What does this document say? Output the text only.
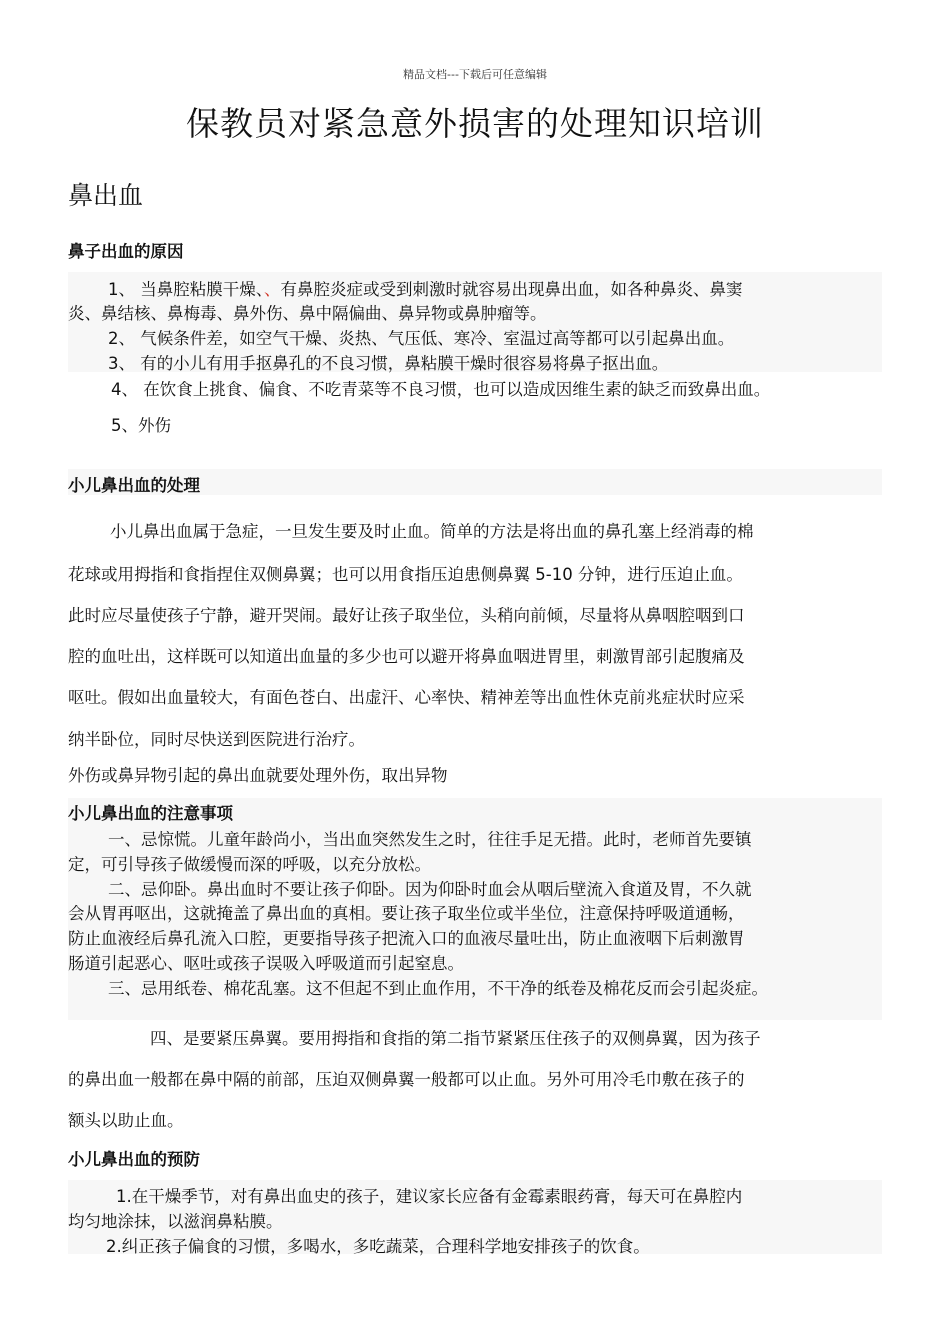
精品文档---下载后可任意编辑
保教员对紧急意外损害的处理知识培训
鼻出血
鼻子出血的原因

1、 当鼻腔粘膜干燥、、有鼻腔炎症或受到刺激时就容易出现鼻出血，如各种鼻炎、鼻窦

炎、鼻结核、鼻梅毒、鼻外伤、鼻中隔偏曲、鼻异物或鼻肿瘤等。

2、 气候条件差，如空气干燥、炎热、气压低、寒冷、室温过高等都可以引起鼻出血。

3、 有的小儿有用手抠鼻孔的不良习惯，鼻粘膜干燥时很容易将鼻子抠出血。

4、 在饮食上挑食、偏食、不吃青菜等不良习惯，也可以造成因维生素的缺乏而致鼻出血。

5、外伤

小儿鼻出血的处理

小儿鼻出血属于急症，一旦发生要及时止血。简单的方法是将出血的鼻孔塞上经消毒的棉

花球或用拇指和食指捏住双侧鼻翼；也可以用食指压迫患侧鼻翼 5-10 分钟，进行压迫止血。

此时应尽量使孩子宁静，避开哭闹。最好让孩子取坐位，头稍向前倾，尽量将从鼻咽腔咽到口

腔的血吐出，这样既可以知道出血量的多少也可以避开将鼻血咽进胃里，刺激胃部引起腹痛及

呕吐。假如出血量较大，有面色苍白、出虚汗、心率快、精神差等出血性休克前兆症状时应采

纳半卧位，同时尽快送到医院进行治疗。

外伤或鼻异物引起的鼻出血就要处理外伤，取出异物

小儿鼻出血的注意事项

一、忌惊慌。儿童年龄尚小，当出血突然发生之时，往往手足无措。此时，老师首先要镇

定，可引导孩子做缓慢而深的呼吸，以充分放松。

二、忌仰卧。鼻出血时不要让孩子仰卧。因为仰卧时血会从咽后壁流入食道及胃，不久就

会从胃再呕出，这就掩盖了鼻出血的真相。要让孩子取坐位或半坐位，注意保持呼吸道通畅，

防止血液经后鼻孔流入口腔，更要指导孩子把流入口的血液尽量吐出，防止血液咽下后刺激胃

肠道引起恶心、呕吐或孩子误吸入呼吸道而引起窒息。

三、忌用纸卷、棉花乱塞。这不但起不到止血作用，不干净的纸卷及棉花反而会引起炎症。

四、是要紧压鼻翼。要用拇指和食指的第二指节紧紧压住孩子的双侧鼻翼，因为孩子

的鼻出血一般都在鼻中隔的前部，压迫双侧鼻翼一般都可以止血。另外可用冷毛巾敷在孩子的

额头以助止血。

小儿鼻出血的预防

1.在干燥季节，对有鼻出血史的孩子，建议家长应备有金霉素眼药膏，每天可在鼻腔内

均匀地涂抹，以滋润鼻粘膜。

2.纠正孩子偏食的习惯，多喝水，多吃蔬菜，合理科学地安排孩子的饮食。
